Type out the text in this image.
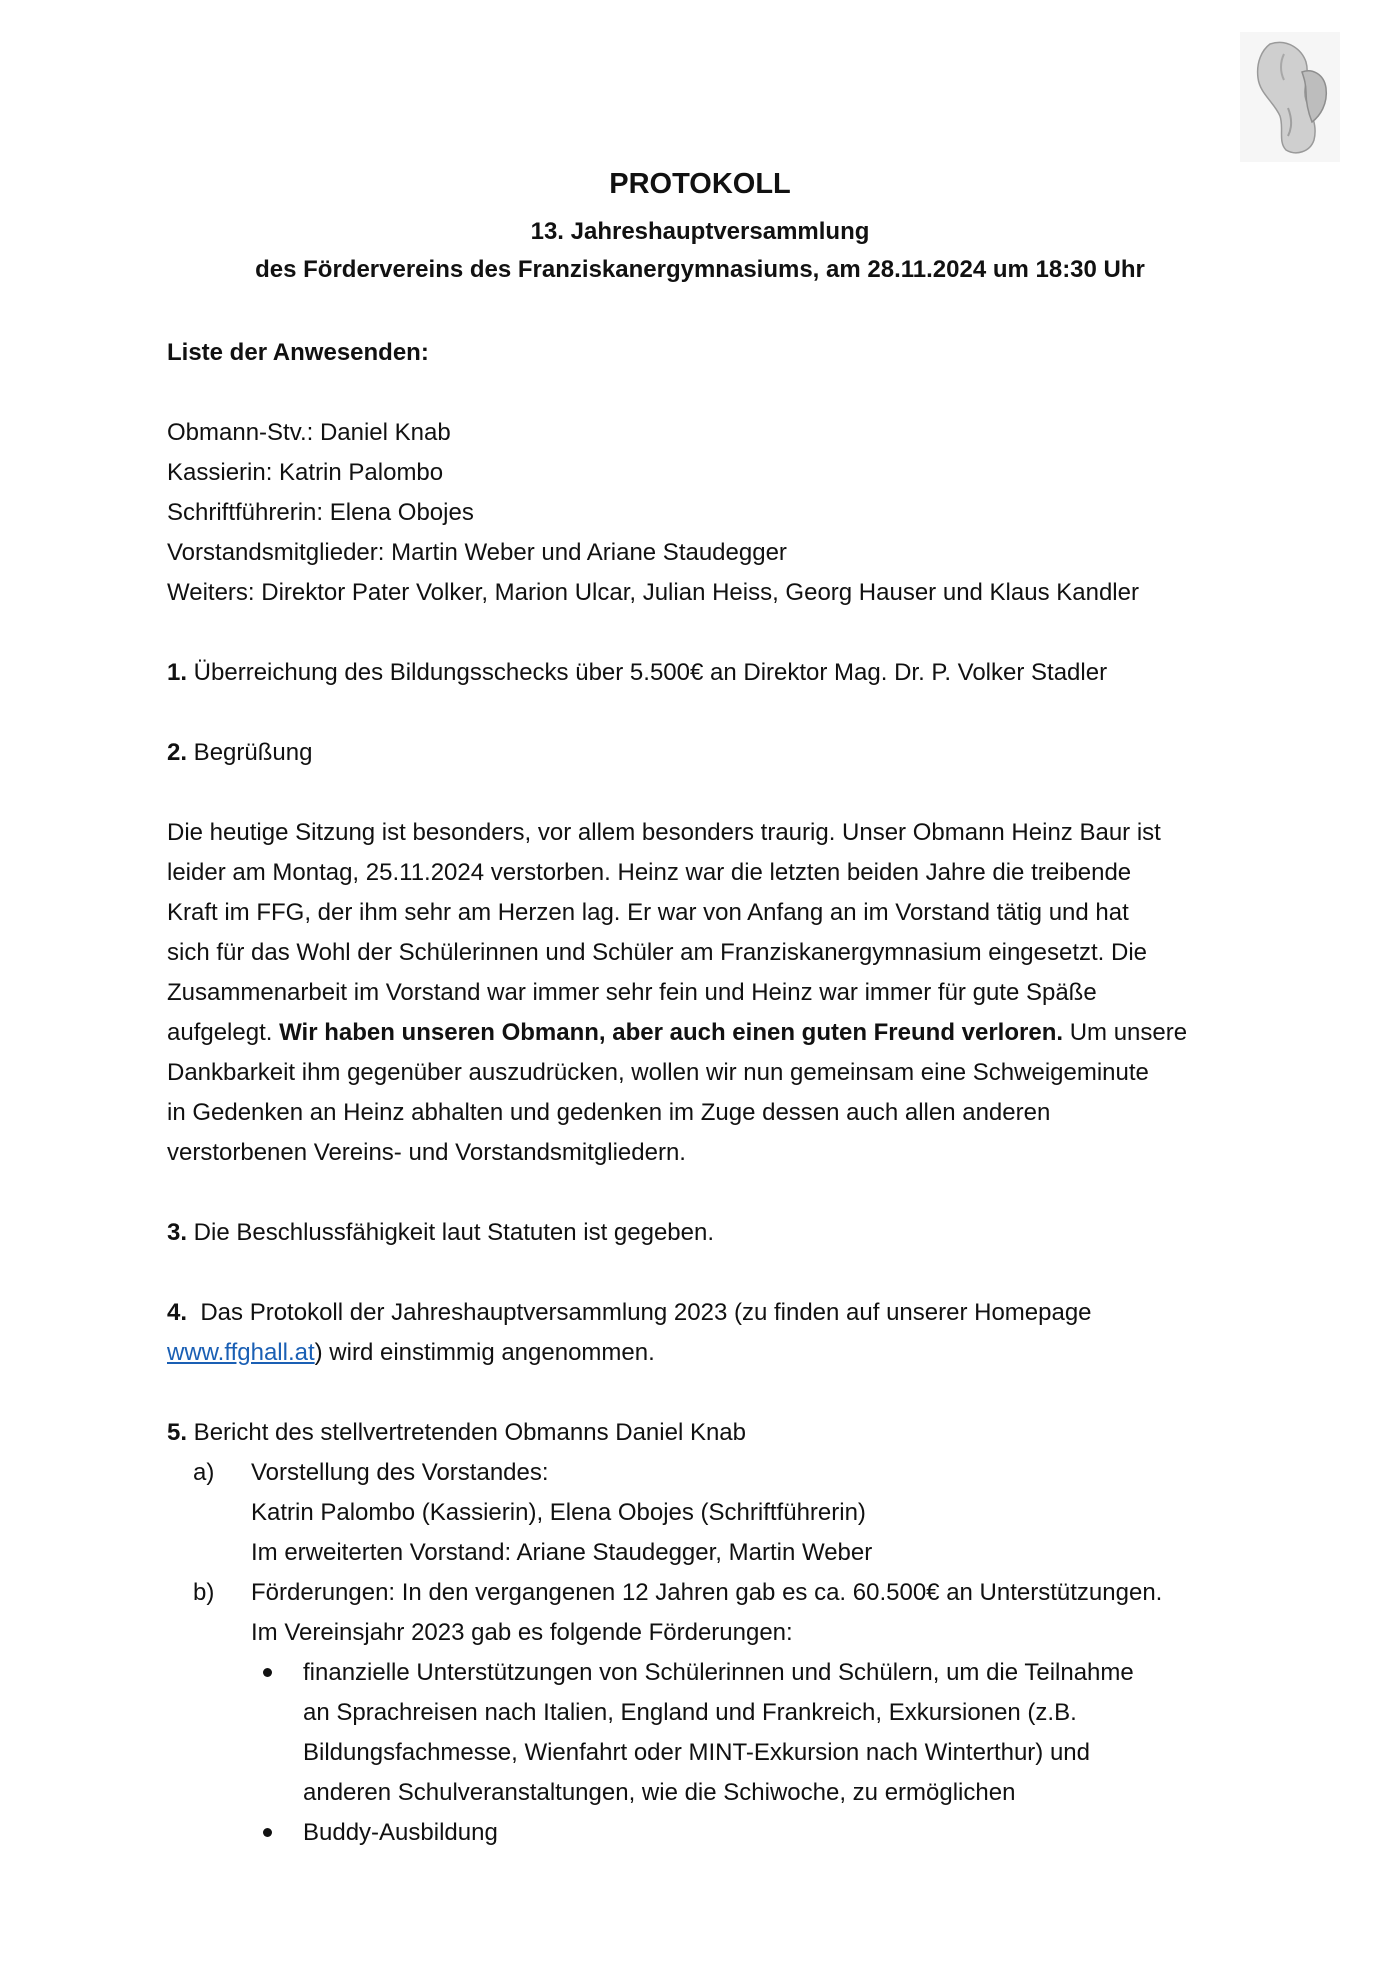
PROTOKOLL
13. Jahreshauptversammlung
des Fördervereins des Franziskanergymnasiums, am 28.11.2024 um 18:30 Uhr
Liste der Anwesenden:
Obmann-Stv.: Daniel Knab
Kassierin: Katrin Palombo
Schriftführerin: Elena Obojes
Vorstandsmitglieder: Martin Weber und Ariane Staudegger
Weiters: Direktor Pater Volker, Marion Ulcar, Julian Heiss, Georg Hauser und Klaus Kandler
1. Überreichung des Bildungsschecks über 5.500€ an Direktor Mag. Dr. P. Volker Stadler
2. Begrüßung
Die heutige Sitzung ist besonders, vor allem besonders traurig. Unser Obmann Heinz Baur ist
leider am Montag, 25.11.2024 verstorben. Heinz war die letzten beiden Jahre die treibende
Kraft im FFG, der ihm sehr am Herzen lag. Er war von Anfang an im Vorstand tätig und hat
sich für das Wohl der Schülerinnen und Schüler am Franziskanergymnasium eingesetzt. Die
Zusammenarbeit im Vorstand war immer sehr fein und Heinz war immer für gute Späße
aufgelegt. Wir haben unseren Obmann, aber auch einen guten Freund verloren. Um unsere
Dankbarkeit ihm gegenüber auszudrücken, wollen wir nun gemeinsam eine Schweigeminute
in Gedenken an Heinz abhalten und gedenken im Zuge dessen auch allen anderen
verstorbenen Vereins- und Vorstandsmitgliedern.
3. Die Beschlussfähigkeit laut Statuten ist gegeben.
4.  Das Protokoll der Jahreshauptversammlung 2023 (zu finden auf unserer Homepage
www.ffghall.at) wird einstimmig angenommen.
5. Bericht des stellvertretenden Obmanns Daniel Knab
a) Vorstellung des Vorstandes:
Katrin Palombo (Kassierin), Elena Obojes (Schriftführerin)
Im erweiterten Vorstand: Ariane Staudegger, Martin Weber
b) Förderungen: In den vergangenen 12 Jahren gab es ca. 60.500€ an Unterstützungen.
Im Vereinsjahr 2023 gab es folgende Förderungen:
finanzielle Unterstützungen von Schülerinnen und Schülern, um die Teilnahme
an Sprachreisen nach Italien, England und Frankreich, Exkursionen (z.B.
Bildungsfachmesse, Wienfahrt oder MINT-Exkursion nach Winterthur) und
anderen Schulveranstaltungen, wie die Schiwoche, zu ermöglichen
Buddy-Ausbildung
